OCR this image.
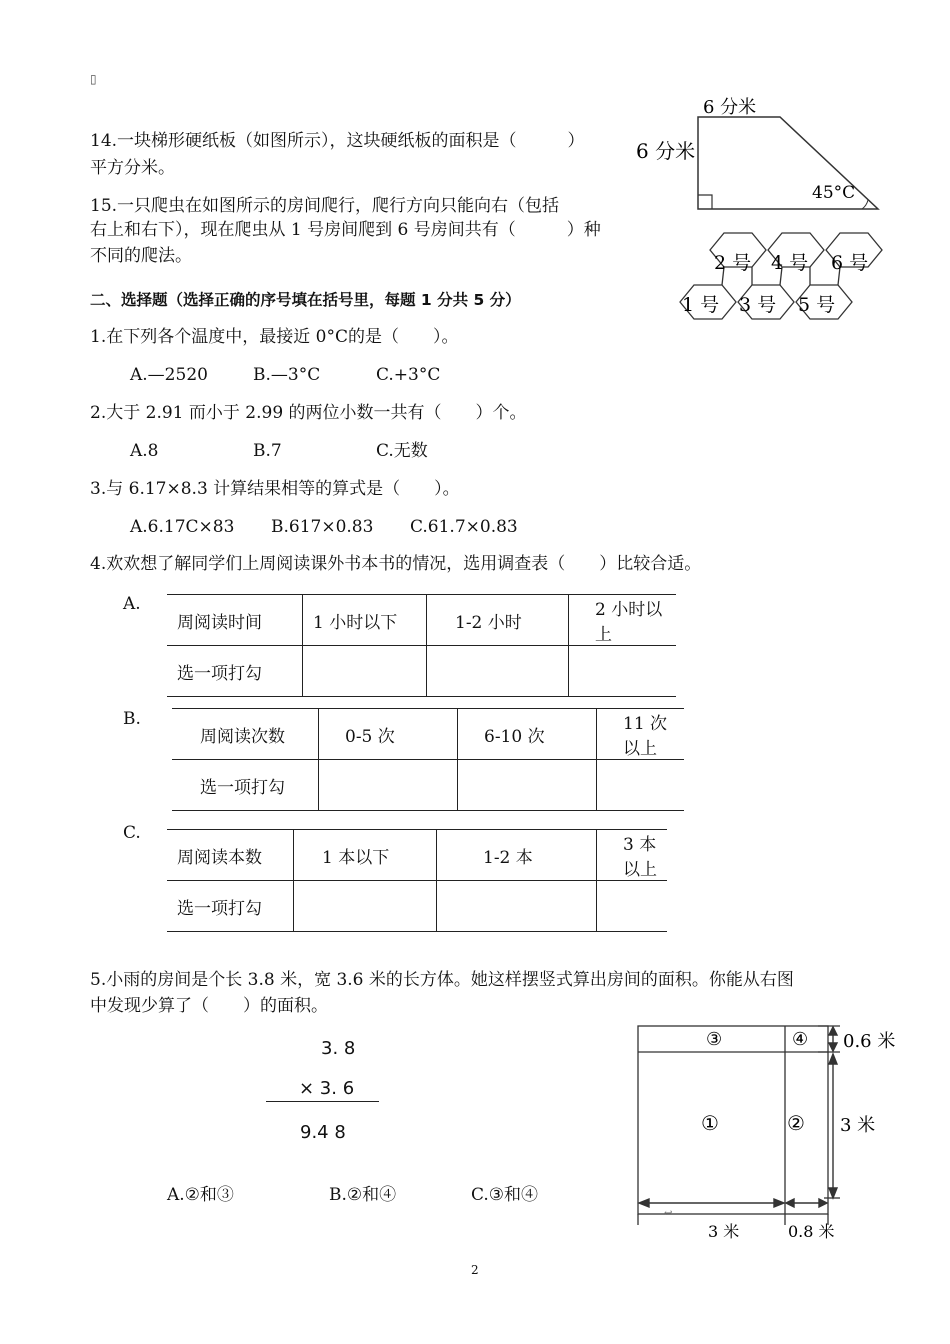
▯
14.一块梯形硬纸板（如图所示），这块硬纸板的面积是（　　　）
平方分米。
6 分米
6 分米
45°C
15.一只爬虫在如图所示的房间爬行，爬行方向只能向右（包括
右上和右下），现在爬虫从 1 号房间爬到 6 号房间共有（　　　）种
不同的爬法。	2 号 4 号 6 号
1 号 3 号 5 号
二、选择题（选择正确的序号填在括号里，每题 1 分共 5 分）
1.在下列各个温度中，最接近 0°C的是（　　）。
A.—2520	B.—3°C	C.+3°C
2.大于 2.91 而小于 2.99 的两位小数一共有（　　）个。
A.8	B.7	C.无数
3.与 6.17×8.3 计算结果相等的算式是（　　）。
A.6.17C×83 B.617×0.83 C.61.7×0.83
4.欢欢想了解同学们上周阅读课外书本书的情况，选用调查表（　　）比较合适。
A.
周阅读时间	1 小时以下	1-2 小时	2 小时以上
选一项打勾			
B.
周阅读次数	0-5 次	6-10 次	11 次以上
选一项打勾			
C.
周阅读本数	1 本以下	1-2 本	3 本以上
选一项打勾			
5.小雨的房间是个长 3.8 米，宽 3.6 米的长方体。她这样摆竖式算出房间的面积。你能从右图
中发现少算了（　　）的面积。
3. 8
× 3. 6
9.4 8
A.②和③	B.②和④	C.③和④
③	④
①	②
0.6 米
3 米
3 米	0.8 米
↩
2
